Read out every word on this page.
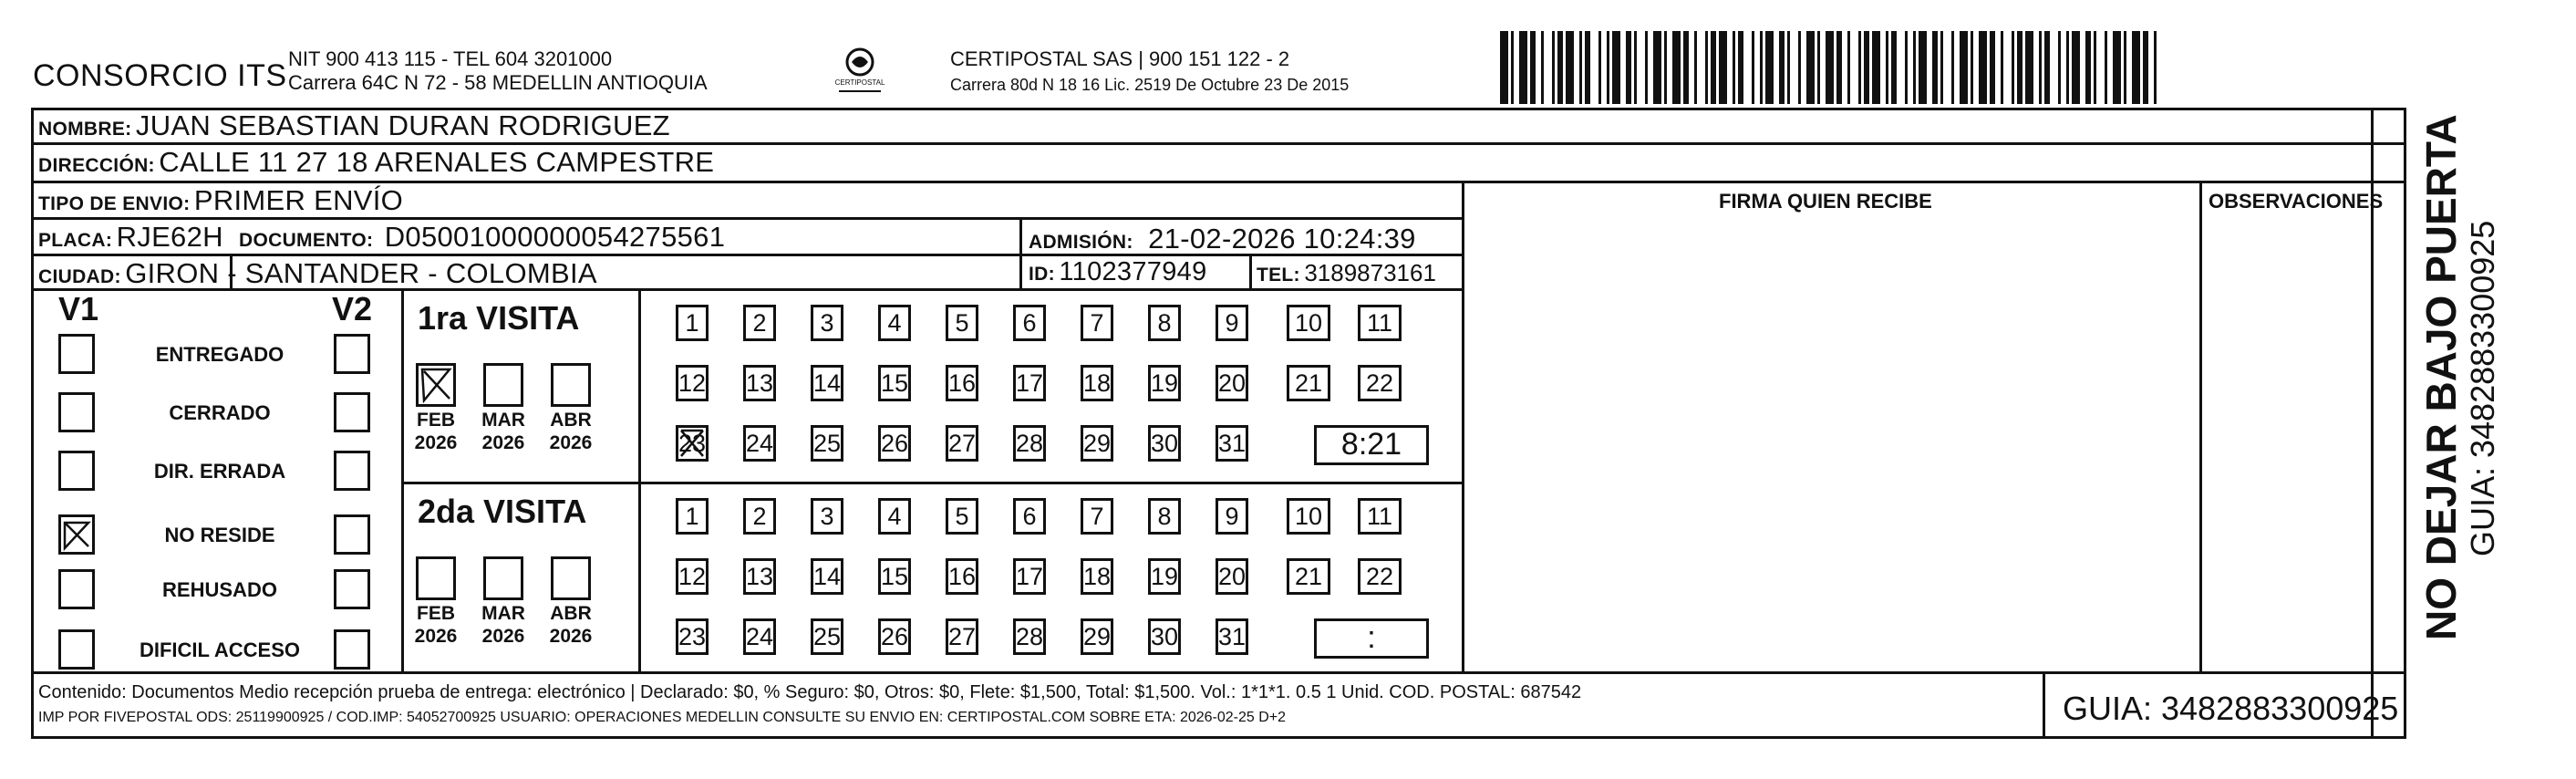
CONSORCIO ITS NIT 900 413 115 - TEL 604 3201000
Carrera 64C N 72 - 58 MEDELLIN ANTIOQUIA	CERTIPOSTAL
CERTIPOSTAL SAS | 900 151 122 - 2
Carrera 80d N 18 16 Lic. 2519 De Octubre 23 De 2015
NOMBRE: JUAN SEBASTIAN DURAN RODRIGUEZ
DIRECCIÓN: CALLE 11 27 18 ARENALES CAMPESTRE
TIPO DE ENVIO: PRIMER ENVÍO	FIRMA QUIEN RECIBE	OBSERVACIONES
PLACA: RJE62H DOCUMENTO: D05001000000054275561	ADMISIÓN: 21-02-2026 10:24:39
CIUDAD: GIRON - SANTANDER - COLOMBIA	ID: 1102377949	TEL: 3189873161
V1	V2
ENTREGADO
CERRADO
DIR. ERRADA
NO RESIDE
REHUSADO
DIFICIL ACCESO
1ra VISITA
FEB
2026
MAR
2026
ABR
2026
1	2	3	4	5	6	7	8	9	10	11
12 13 14 15 16 17 18 19 20	21	22
23 24 25 26 27 28 29 30 31	8:21
2da VISITA
FEB
2026
MAR
2026
ABR
2026
1	2	3	4	5	6	7	8	9	10	11
12 13 14 15 16 17 18 19 20	21	22
23 24 25 26 27 28 29 30 31	:
Contenido: Documentos Medio recepción prueba de entrega: electrónico | Declarado: $0, % Seguro: $0, Otros: $0, Flete: $1,500, Total: $1,500. Vol.: 1*1*1. 0.5 1 Unid. COD. POSTAL: 687542
IMP POR FIVEPOSTAL ODS: 25119900925 / COD.IMP: 54052700925 USUARIO: OPERACIONES MEDELLIN CONSULTE SU ENVIO EN: CERTIPOSTAL.COM SOBRE ETA: 2026-02-25 D+2	GUIA: 3482883300925
NO DEJAR BAJO PUERTA GUIA: 3482883300925
